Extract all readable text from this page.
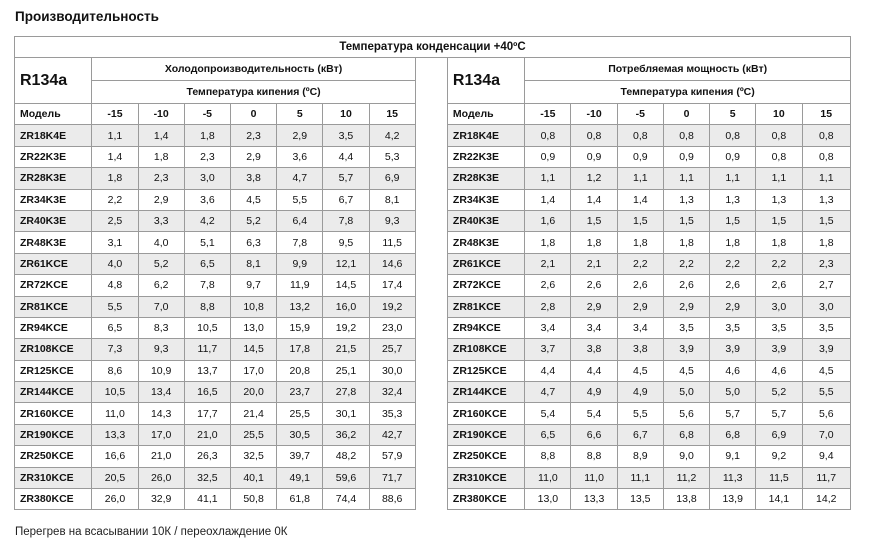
Производительность
Температура конденсации +40ºС																
R134a	Холодопроизводительность (кВт)								R134a	Потребляемая мощность (кВт)						
	Температура кипения (ºС)									Температура кипения (ºС)						
Модель	-15	-10	-5	0	5	10	15		Модель	-15	-10	-5	0	5	10	15
ZR18K4E	1,1	1,4	1,8	2,3	2,9	3,5	4,2		ZR18K4E	0,8	0,8	0,8	0,8	0,8	0,8	0,8
ZR22K3E	1,4	1,8	2,3	2,9	3,6	4,4	5,3		ZR22K3E	0,9	0,9	0,9	0,9	0,9	0,8	0,8
ZR28K3E	1,8	2,3	3,0	3,8	4,7	5,7	6,9		ZR28K3E	1,1	1,2	1,1	1,1	1,1	1,1	1,1
ZR34K3E	2,2	2,9	3,6	4,5	5,5	6,7	8,1		ZR34K3E	1,4	1,4	1,4	1,3	1,3	1,3	1,3
ZR40K3E	2,5	3,3	4,2	5,2	6,4	7,8	9,3		ZR40K3E	1,6	1,5	1,5	1,5	1,5	1,5	1,5
ZR48K3E	3,1	4,0	5,1	6,3	7,8	9,5	11,5		ZR48K3E	1,8	1,8	1,8	1,8	1,8	1,8	1,8
ZR61KCE	4,0	5,2	6,5	8,1	9,9	12,1	14,6		ZR61KCE	2,1	2,1	2,2	2,2	2,2	2,2	2,3
ZR72KCE	4,8	6,2	7,8	9,7	11,9	14,5	17,4		ZR72KCE	2,6	2,6	2,6	2,6	2,6	2,6	2,7
ZR81KCE	5,5	7,0	8,8	10,8	13,2	16,0	19,2		ZR81KCE	2,8	2,9	2,9	2,9	2,9	3,0	3,0
ZR94KCE	6,5	8,3	10,5	13,0	15,9	19,2	23,0		ZR94KCE	3,4	3,4	3,4	3,5	3,5	3,5	3,5
ZR108KCE	7,3	9,3	11,7	14,5	17,8	21,5	25,7		ZR108KCE	3,7	3,8	3,8	3,9	3,9	3,9	3,9
ZR125KCE	8,6	10,9	13,7	17,0	20,8	25,1	30,0		ZR125KCE	4,4	4,4	4,5	4,5	4,6	4,6	4,5
ZR144KCE	10,5	13,4	16,5	20,0	23,7	27,8	32,4		ZR144KCE	4,7	4,9	4,9	5,0	5,0	5,2	5,5
ZR160KCE	11,0	14,3	17,7	21,4	25,5	30,1	35,3		ZR160KCE	5,4	5,4	5,5	5,6	5,7	5,7	5,6
ZR190KCE	13,3	17,0	21,0	25,5	30,5	36,2	42,7		ZR190KCE	6,5	6,6	6,7	6,8	6,8	6,9	7,0
ZR250KCE	16,6	21,0	26,3	32,5	39,7	48,2	57,9		ZR250KCE	8,8	8,8	8,9	9,0	9,1	9,2	9,4
ZR310KCE	20,5	26,0	32,5	40,1	49,1	59,6	71,7		ZR310KCE	11,0	11,0	11,1	11,2	11,3	11,5	11,7
ZR380KCE	26,0	32,9	41,1	50,8	61,8	74,4	88,6		ZR380KCE	13,0	13,3	13,5	13,8	13,9	14,1	14,2
Перегрев на всасывании 10К / переохлаждение 0К
